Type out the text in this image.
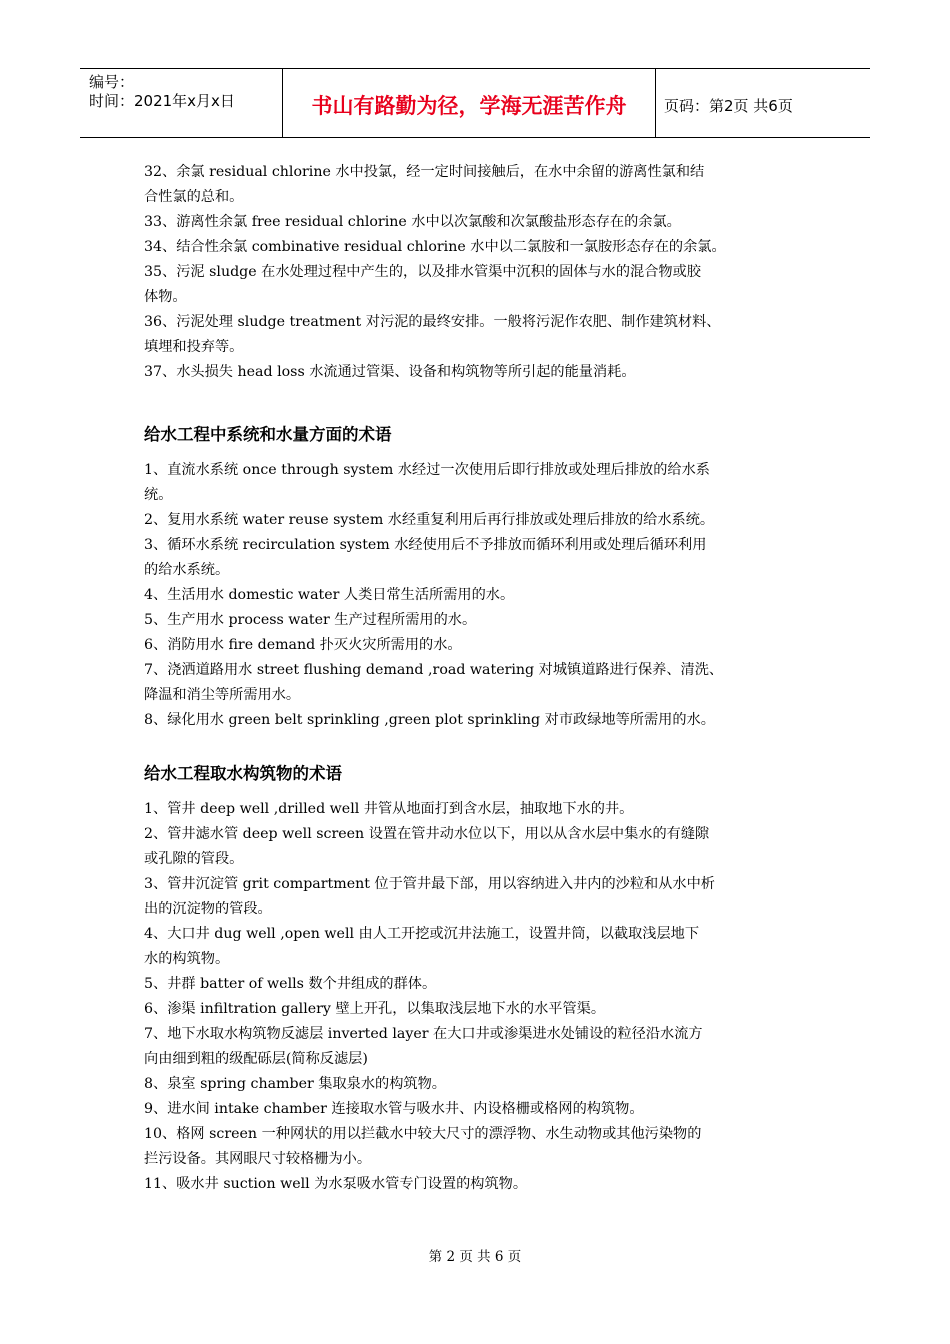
编号：
时间：2021年x月x日	书山有路勤为径，学海无涯苦作舟	页码：第2页 共6页
32、余氯 residual chlorine 水中投氯，经一定时间接触后，在水中余留的游离性氯和结
合性氯的总和。
33、游离性余氯 free residual chlorine 水中以次氯酸和次氯酸盐形态存在的余氯。
34、结合性余氯 combinative residual chlorine 水中以二氯胺和一氯胺形态存在的余氯。
35、污泥 sludge 在水处理过程中产生的，以及排水管渠中沉积的固体与水的混合物或胶
体物。
36、污泥处理 sludge treatment 对污泥的最终安排。一般将污泥作农肥、制作建筑材料、
填埋和投弃等。
37、水头损失 head loss 水流通过管渠、设备和构筑物等所引起的能量消耗。
给水工程中系统和水量方面的术语
1、直流水系统 once through system 水经过一次使用后即行排放或处理后排放的给水系
统。
2、复用水系统 water reuse system 水经重复利用后再行排放或处理后排放的给水系统。
3、循环水系统 recirculation system 水经使用后不予排放而循环利用或处理后循环利用
的给水系统。
4、生活用水 domestic water 人类日常生活所需用的水。
5、生产用水 process water 生产过程所需用的水。
6、消防用水 fire demand 扑灭火灾所需用的水。
7、浇洒道路用水 street flushing demand ,road watering 对城镇道路进行保养、清洗、
降温和消尘等所需用水。
8、绿化用水 green belt sprinkling ,green plot sprinkling 对市政绿地等所需用的水。
给水工程取水构筑物的术语
1、管井 deep well ,drilled well 井管从地面打到含水层，抽取地下水的井。
2、管井滤水管 deep well screen 设置在管井动水位以下，用以从含水层中集水的有缝隙
或孔隙的管段。
3、管井沉淀管 grit compartment 位于管井最下部，用以容纳进入井内的沙粒和从水中析
出的沉淀物的管段。
4、大口井 dug well ,open well 由人工开挖或沉井法施工，设置井筒，以截取浅层地下
水的构筑物。
5、井群 batter of wells 数个井组成的群体。
6、渗渠 infiltration gallery 壁上开孔，以集取浅层地下水的水平管渠。
7、地下水取水构筑物反滤层 inverted layer 在大口井或渗渠进水处铺设的粒径沿水流方
向由细到粗的级配砾层(简称反滤层)
8、泉室 spring chamber 集取泉水的构筑物。
9、进水间 intake chamber 连接取水管与吸水井、内设格栅或格网的构筑物。
10、格网 screen 一种网状的用以拦截水中较大尺寸的漂浮物、水生动物或其他污染物的
拦污设备。其网眼尺寸较格栅为小。
11、吸水井 suction well 为水泵吸水管专门设置的构筑物。
第 2 页 共 6 页
